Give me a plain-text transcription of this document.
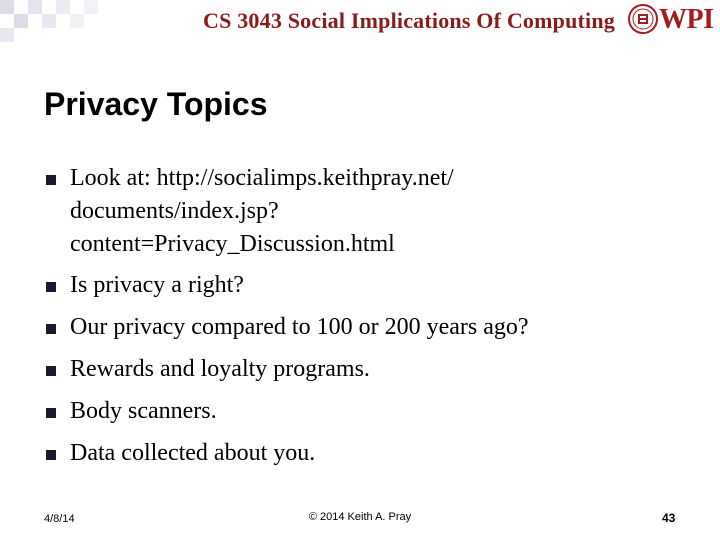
CS 3043 Social Implications Of Computing WPI
Privacy Topics
Look at: http://socialimps.keithpray.net/
documents/index.jsp?
content=Privacy_Discussion.html
Is privacy a right?
Our privacy compared to 100 or 200 years ago?
Rewards and loyalty programs.
Body scanners.
Data collected about you.
4/8/14	© 2014 Keith A. Pray	43
